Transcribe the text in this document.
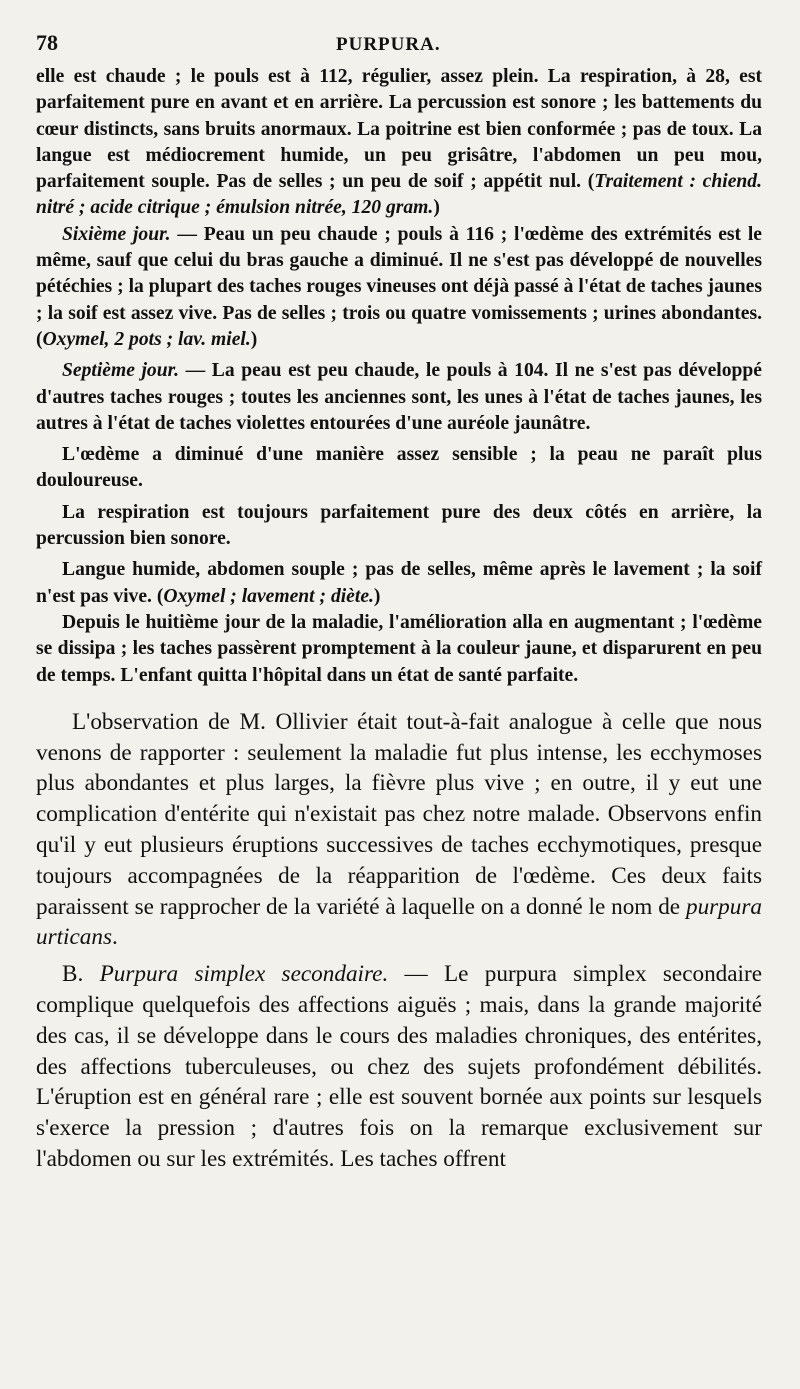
78	PURPURA.

elle est chaude ; le pouls est à 112, régulier, assez plein. La respiration, à 28, est parfaitement pure en avant et en arrière. La percussion est sonore ; les battements du cœur distincts, sans bruits anormaux. La poitrine est bien conformée ; pas de toux. La langue est médiocrement humide, un peu grisâtre, l'abdomen un peu mou, parfaitement souple. Pas de selles ; un peu de soif ; appétit nul. (Traitement : chiend. nitré ; acide citrique ; émulsion nitrée, 120 gram.)

Sixième jour. — Peau un peu chaude ; pouls à 116 ; l'œdème des extrémités est le même, sauf que celui du bras gauche a diminué. Il ne s'est pas développé de nouvelles pétéchies ; la plupart des taches rouges vineuses ont déjà passé à l'état de taches jaunes ; la soif est assez vive. Pas de selles ; trois ou quatre vomissements ; urines abondantes. (Oxymel, 2 pots ; lav. miel.)

Septième jour. — La peau est peu chaude, le pouls à 104. Il ne s'est pas développé d'autres taches rouges ; toutes les anciennes sont, les unes à l'état de taches jaunes, les autres à l'état de taches violettes entourées d'une auréole jaunâtre.

L'œdème a diminué d'une manière assez sensible ; la peau ne paraît plus douloureuse.

La respiration est toujours parfaitement pure des deux côtés en arrière, la percussion bien sonore.

Langue humide, abdomen souple ; pas de selles, même après le lavement ; la soif n'est pas vive. (Oxymel ; lavement ; diète.)

Depuis le huitième jour de la maladie, l'amélioration alla en augmentant ; l'œdème se dissipa ; les taches passèrent promptement à la couleur jaune, et disparurent en peu de temps. L'enfant quitta l'hôpital dans un état de santé parfaite.

L'observation de M. Ollivier était tout-à-fait analogue à celle que nous venons de rapporter : seulement la maladie fut plus intense, les ecchymoses plus abondantes et plus larges, la fièvre plus vive ; en outre, il y eut une complication d'entérite qui n'existait pas chez notre malade. Observons enfin qu'il y eut plusieurs éruptions successives de taches ecchymotiques, presque toujours accompagnées de la réapparition de l'œdème. Ces deux faits paraissent se rapprocher de la variété à laquelle on a donné le nom de purpura urticans.

B. Purpura simplex secondaire. — Le purpura simplex secondaire complique quelquefois des affections aiguës ; mais, dans la grande majorité des cas, il se développe dans le cours des maladies chroniques, des entérites, des affections tuberculeuses, ou chez des sujets profondément débilités. L'éruption est en général rare ; elle est souvent bornée aux points sur lesquels s'exerce la pression ; d'autres fois on la remarque exclusivement sur l'abdomen ou sur les extrémités. Les taches offrent
